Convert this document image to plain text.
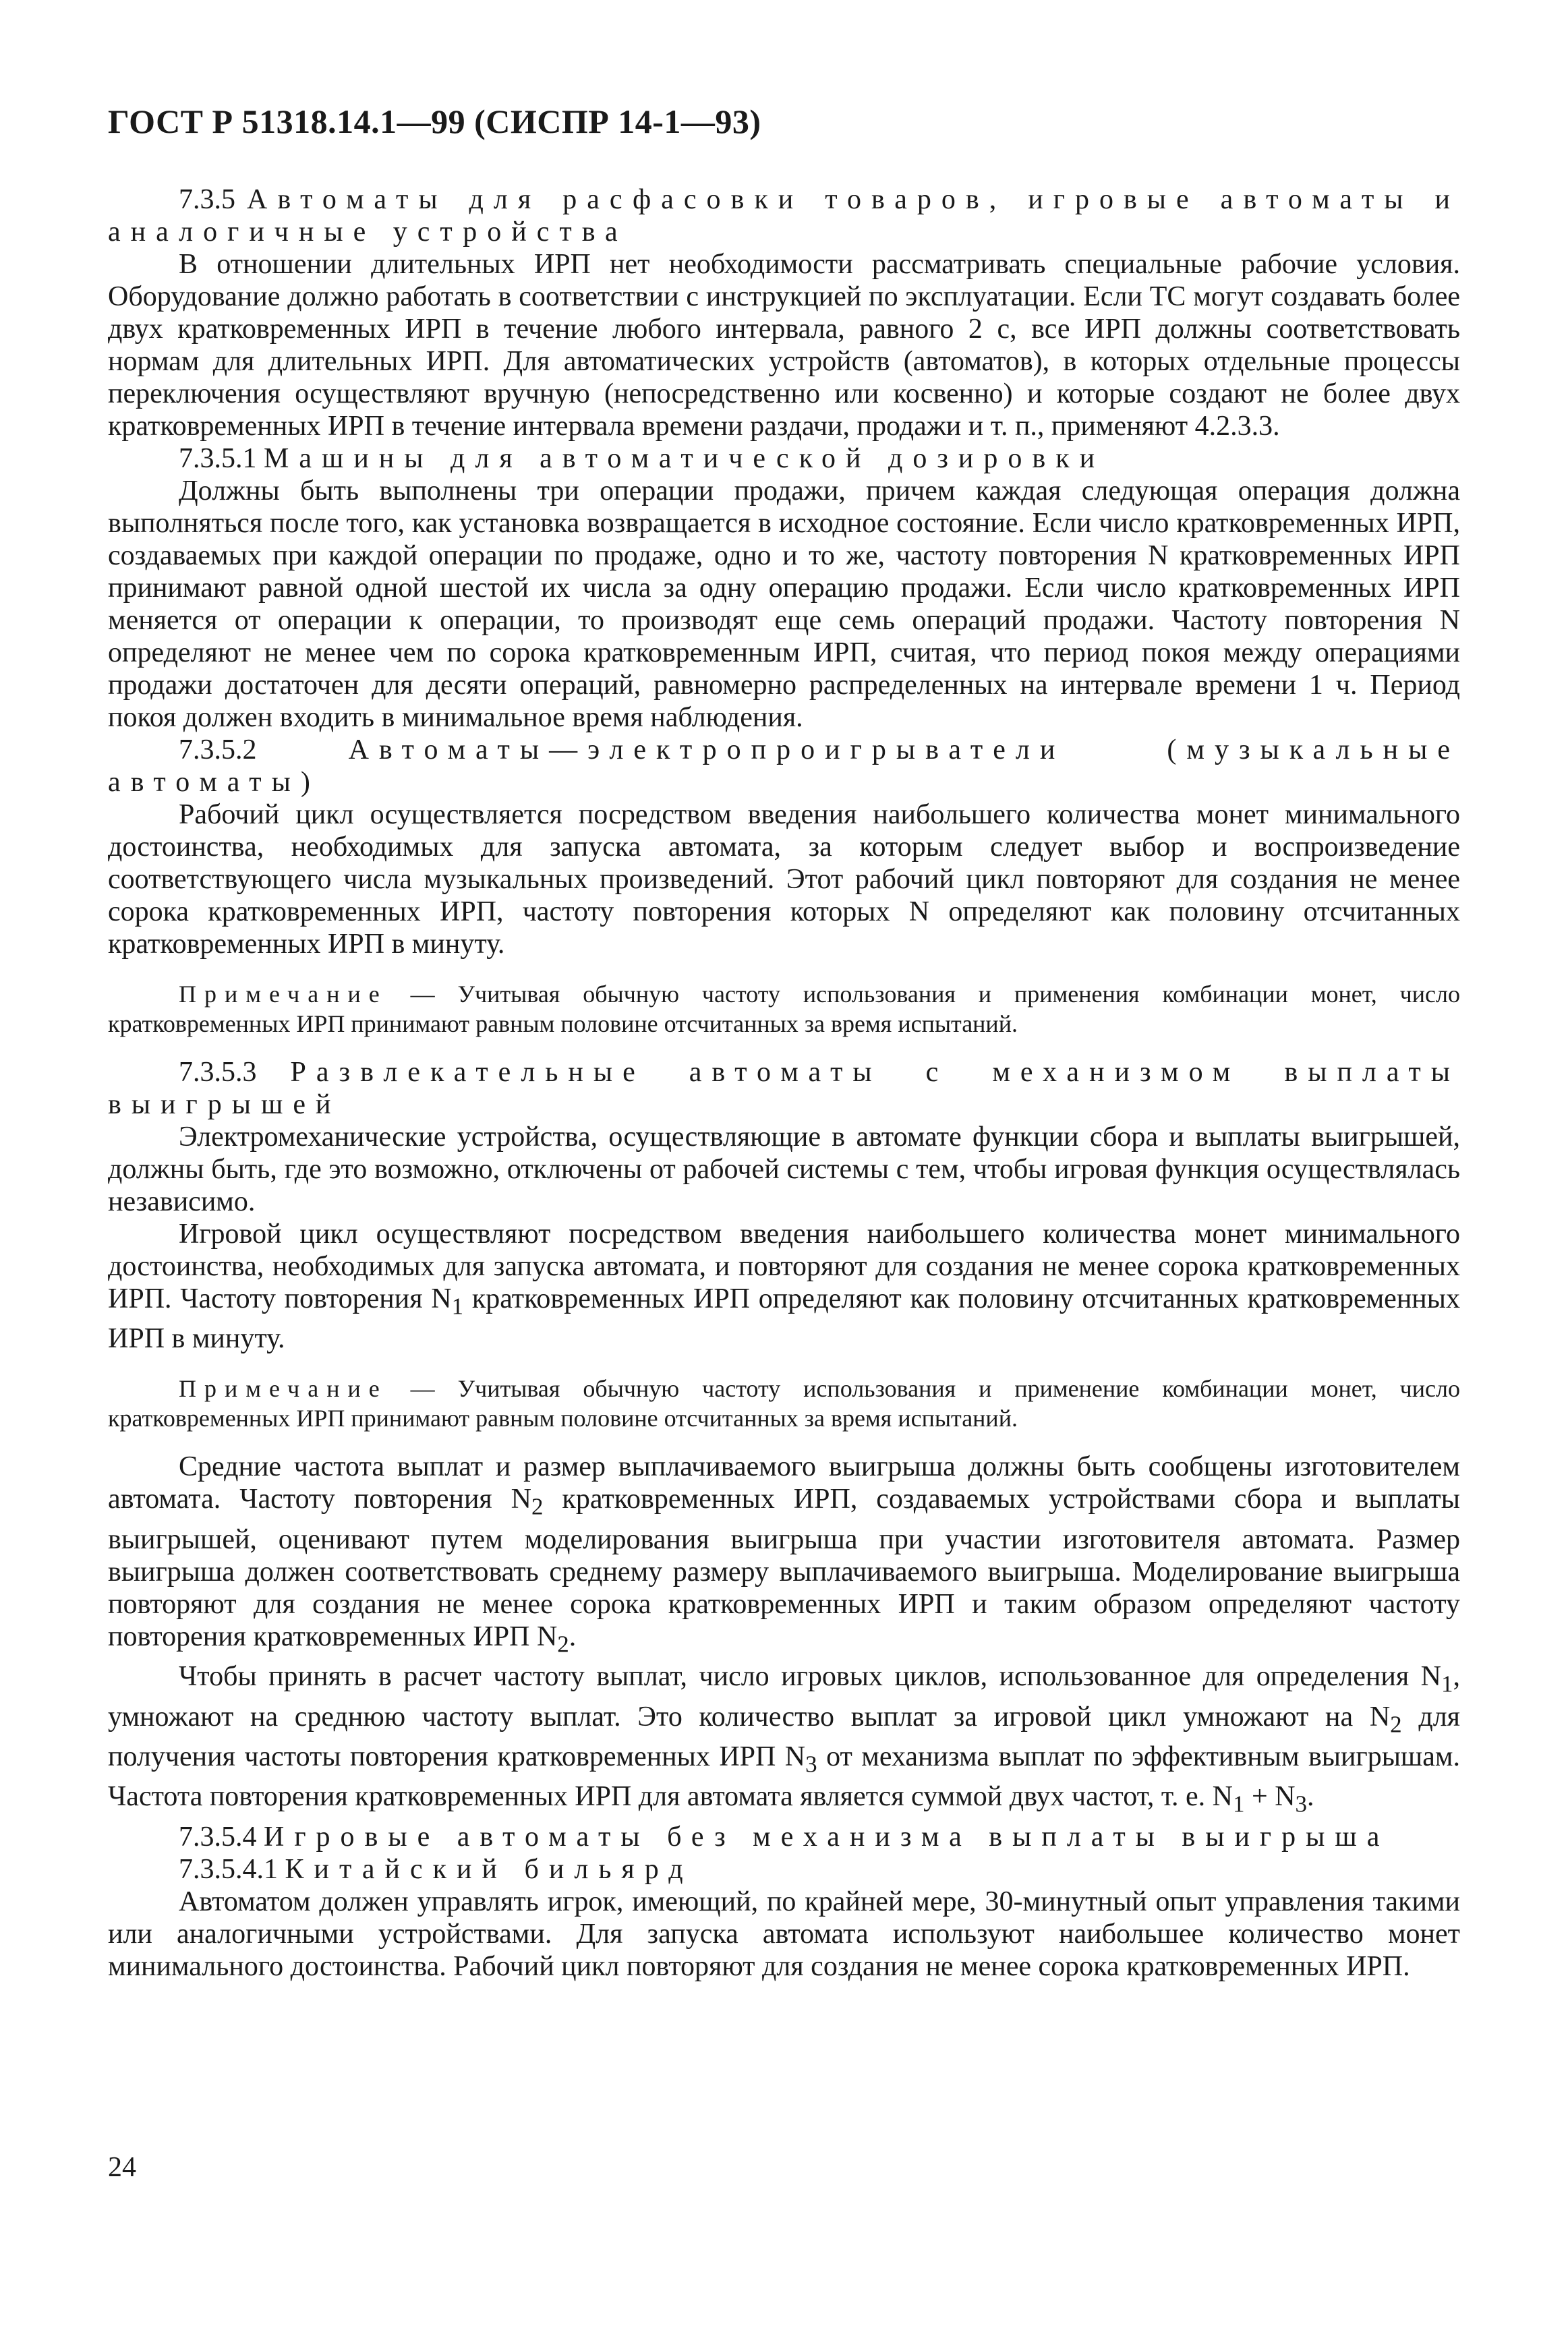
ГОСТ Р 51318.14.1—99 (СИСПР 14-1—93)

7.3.5 Автоматы для расфасовки товаров, игровые автоматы и аналогичные устройства

В отношении длительных ИРП нет необходимости рассматривать специальные рабочие условия. Оборудование должно работать в соответствии с инструкцией по эксплуатации. Если ТС могут создавать более двух кратковременных ИРП в течение любого интервала, равного 2 с, все ИРП должны соответствовать нормам для длительных ИРП. Для автоматических устройств (автоматов), в которых отдельные процессы переключения осуществляют вручную (непосредственно или косвенно) и которые создают не более двух кратковременных ИРП в течение интервала времени раздачи, продажи и т. п., применяют 4.2.3.3.

7.3.5.1 Машины для автоматической дозировки

Должны быть выполнены три операции продажи, причем каждая следующая операция должна выполняться после того, как установка возвращается в исходное состояние. Если число кратковременных ИРП, создаваемых при каждой операции по продаже, одно и то же, частоту повторения N кратковременных ИРП принимают равной одной шестой их числа за одну операцию продажи. Если число кратковременных ИРП меняется от операции к операции, то производят еще семь операций продажи. Частоту повторения N определяют не менее чем по сорока кратковременным ИРП, считая, что период покоя между операциями продажи достаточен для десяти операций, равномерно распределенных на интервале времени 1 ч. Период покоя должен входить в минимальное время наблюдения.

7.3.5.2	Автоматы—электропроигрыватели (музыкальные автоматы)

Рабочий цикл осуществляется посредством введения наибольшего количества монет минимального достоинства, необходимых для запуска автомата, за которым следует выбор и воспроизведение соответствующего числа музыкальных произведений. Этот рабочий цикл повторяют для создания не менее сорока кратковременных ИРП, частоту повторения которых N определяют как половину отсчитанных кратковременных ИРП в минуту.

Примечание — Учитывая обычную частоту использования и применения комбинации монет, число кратковременных ИРП принимают равным половине отсчитанных за время испытаний.

7.3.5.3 Развлекательные автоматы с механизмом выплаты выигрышей

Электромеханические устройства, осуществляющие в автомате функции сбора и выплаты выигрышей, должны быть, где это возможно, отключены от рабочей системы с тем, чтобы игровая функция осуществлялась независимо.

Игровой цикл осуществляют посредством введения наибольшего количества монет минимального достоинства, необходимых для запуска автомата, и повторяют для создания не менее сорока кратковременных ИРП. Частоту повторения $N_1$ кратковременных ИРП определяют как половину отсчитанных кратковременных ИРП в минуту.

Примечание — Учитывая обычную частоту использования и применение комбинации монет, число кратковременных ИРП принимают равным половине отсчитанных за время испытаний.

Средние частота выплат и размер выплачиваемого выигрыша должны быть сообщены изготовителем автомата. Частоту повторения $N_2$ кратковременных ИРП, создаваемых устройствами сбора и выплаты выигрышей, оценивают путем моделирования выигрыша при участии изготовителя автомата. Размер выигрыша должен соответствовать среднему размеру выплачиваемого выигрыша. Моделирование выигрыша повторяют для создания не менее сорока кратковременных ИРП и таким образом определяют частоту повторения кратковременных ИРП $N_2$.

Чтобы принять в расчет частоту выплат, число игровых циклов, использованное для определения $N_1$, умножают на среднюю частоту выплат. Это количество выплат за игровой цикл умножают на $N_2$ для получения частоты повторения кратковременных ИРП $N_3$ от механизма выплат по эффективным выигрышам. Частота повторения кратковременных ИРП для автомата является суммой двух частот, т. е. $N_1 + N_3$.

7.3.5.4 Игровые автоматы без механизма выплаты выигрыша

7.3.5.4.1 Китайский бильярд

Автоматом должен управлять игрок, имеющий, по крайней мере, 30-минутный опыт управления такими или аналогичными устройствами. Для запуска автомата используют наибольшее количество монет минимального достоинства. Рабочий цикл повторяют для создания не менее сорока кратковременных ИРП.

24
